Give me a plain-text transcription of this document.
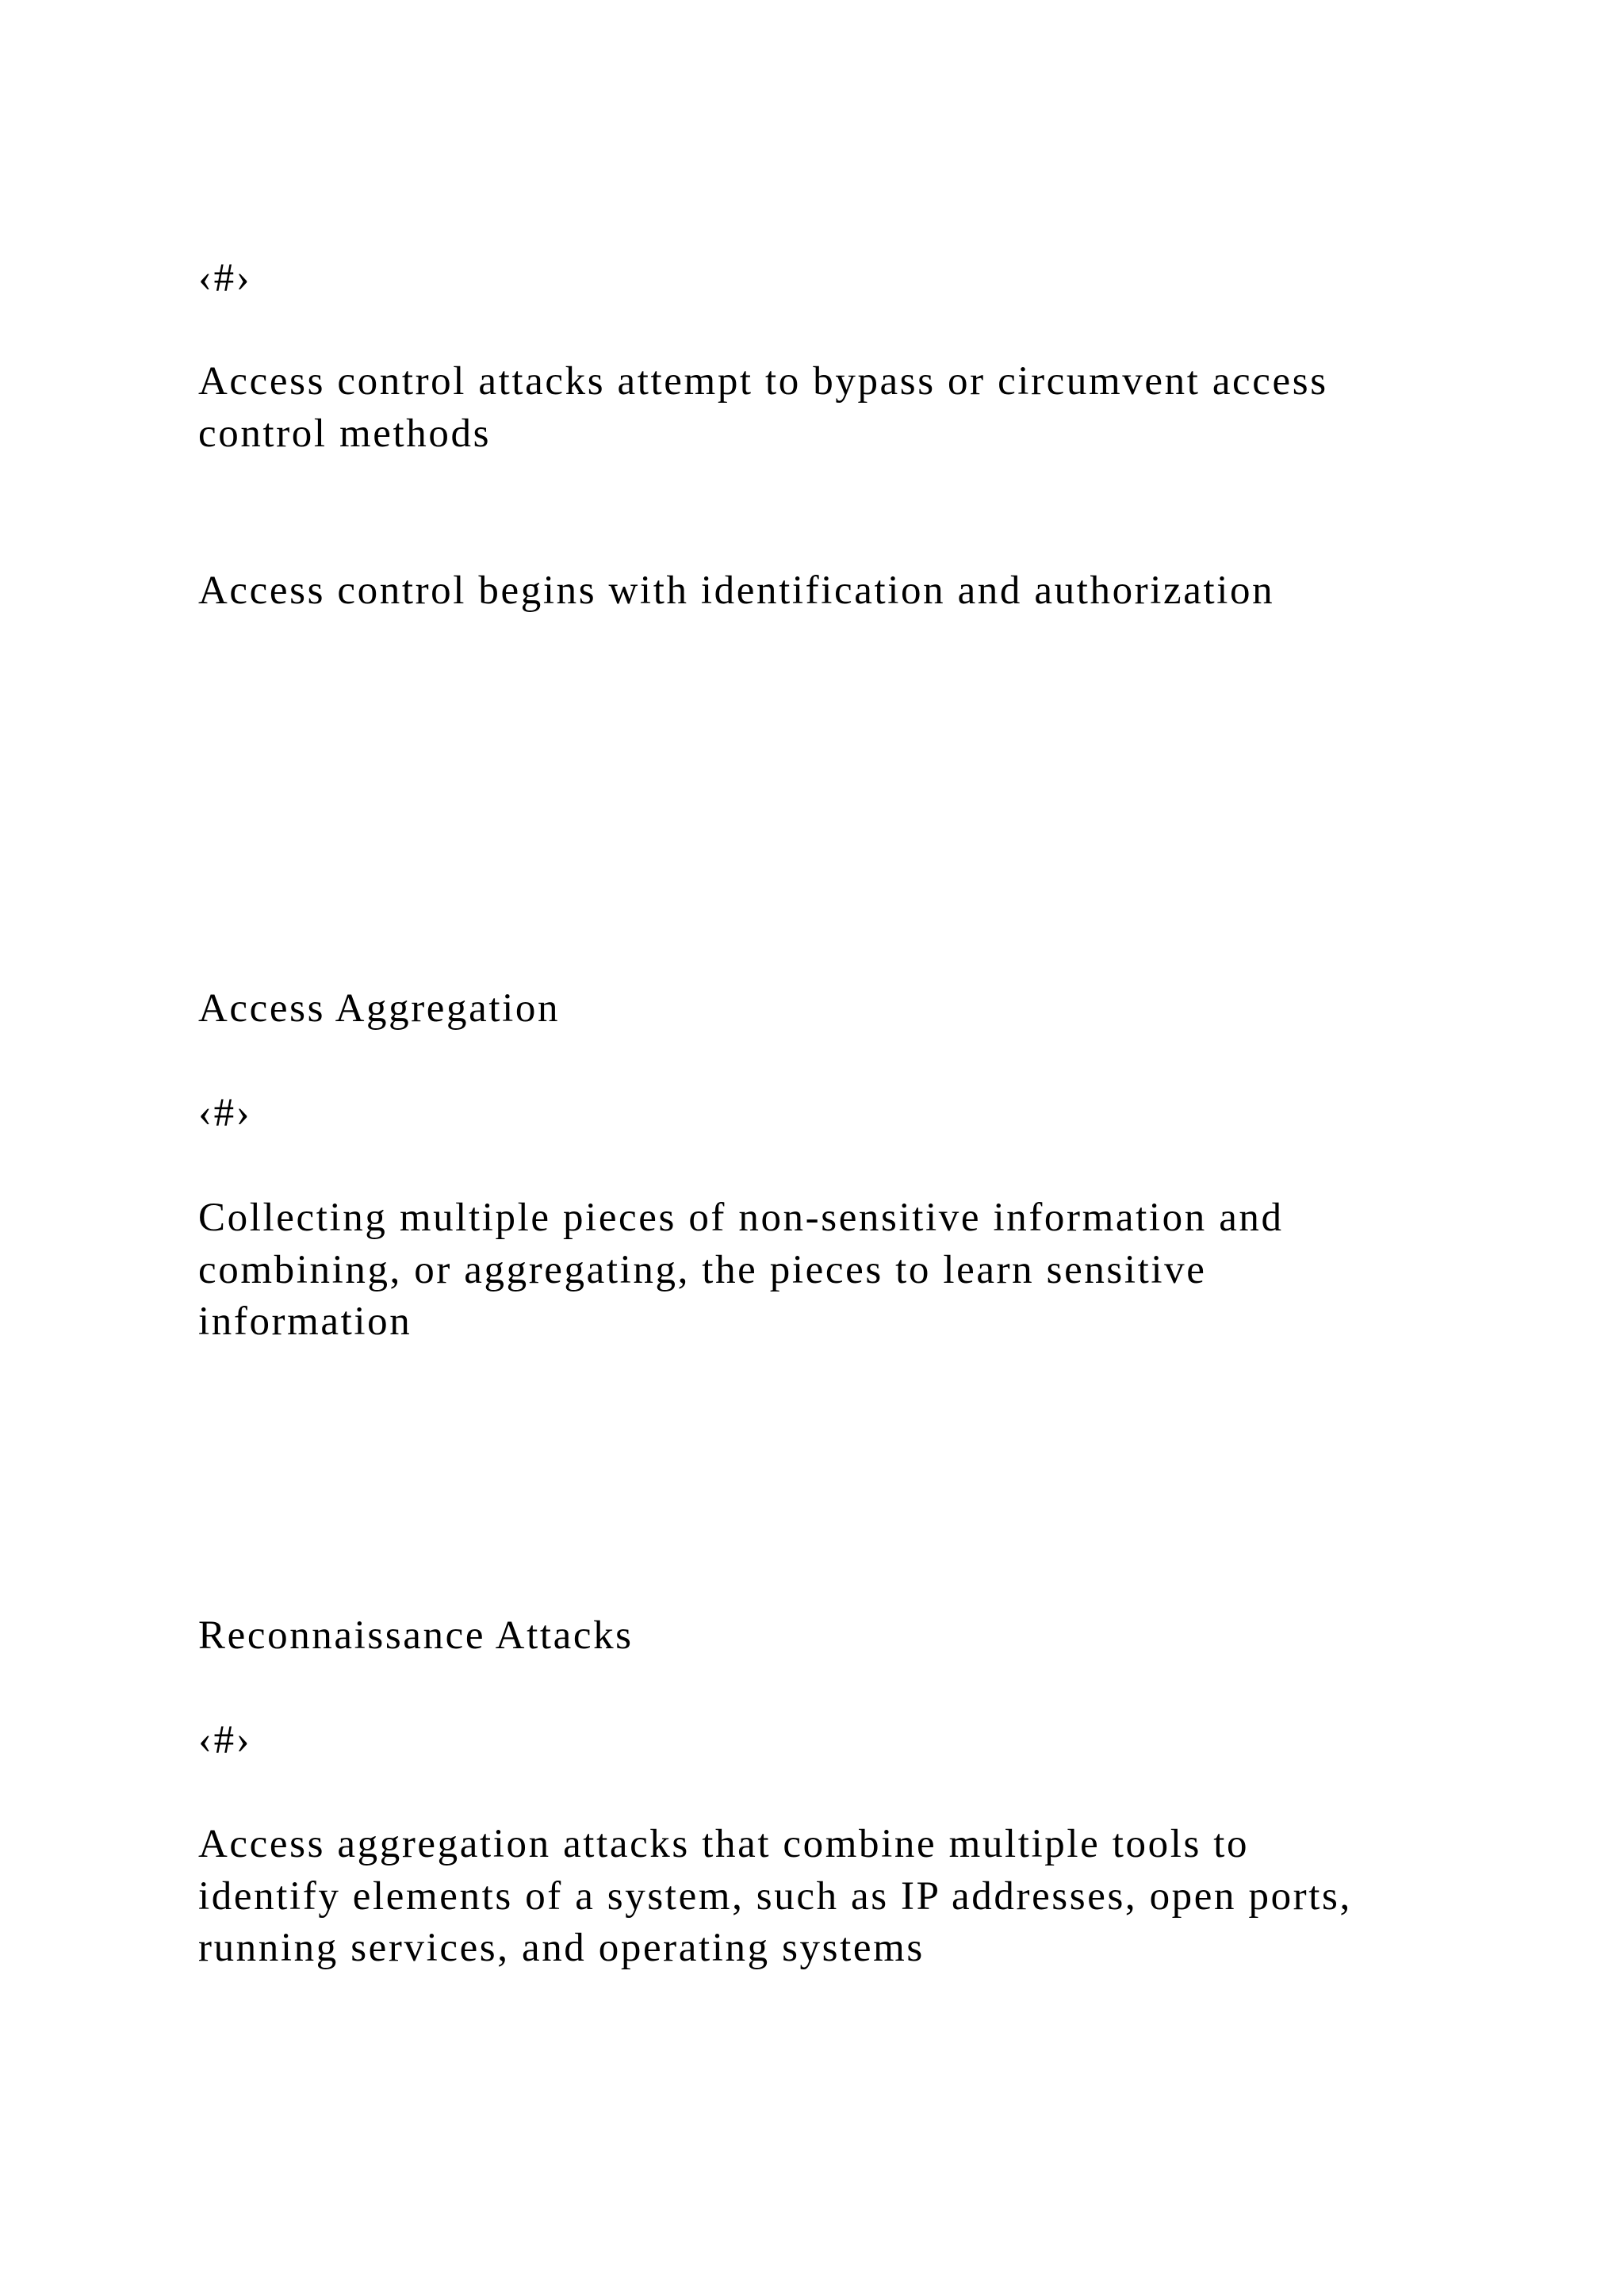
‹#›
Access control attacks attempt to bypass or circumvent access
control methods
Access control begins with identification and authorization
Access Aggregation
‹#›
Collecting multiple pieces of non-sensitive information and
combining, or aggregating, the pieces to learn sensitive
information
Reconnaissance Attacks
‹#›
Access aggregation attacks that combine multiple tools to
identify elements of a system, such as IP addresses, open ports,
running services, and operating systems
